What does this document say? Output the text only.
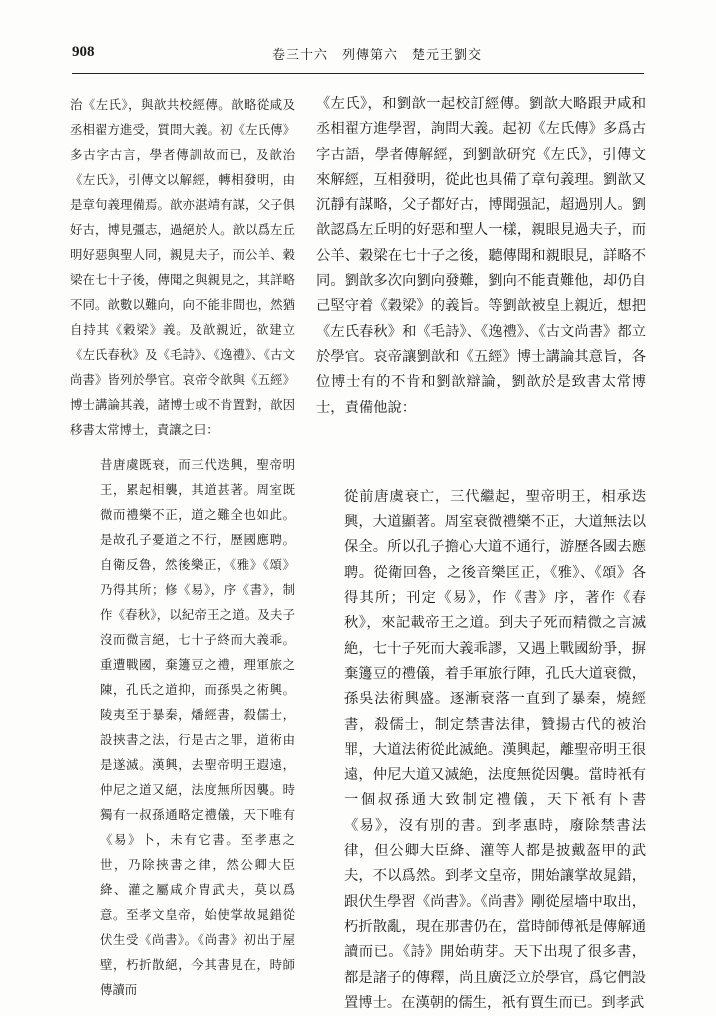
908	卷三十六　列傳第六　楚元王劉交

治《左氏》，與歆共校經傳。歆略從咸及丞相翟方進受，質問大義。初《左氏傳》多古字古言，學者傳訓故而已，及歆治《左氏》，引傳文以解經，轉相發明，由是章句義理備焉。歆亦湛靖有謀，父子俱好古，博見彊志，過絕於人。歆以爲左丘明好惡與聖人同，親見夫子，而公羊、穀梁在七十子後，傳聞之與親見之，其詳略不同。歆數以難向，向不能非間也，然猶自持其《穀梁》義。及歆親近，欲建立《左氏春秋》及《毛詩》、《逸禮》、《古文尚書》皆列於學官。哀帝令歆與《五經》博士講論其義，諸博士或不肯置對，歆因移書太常博士，責讓之曰：

昔唐虞既衰，而三代迭興，聖帝明王，累起相襲，其道甚著。周室既微而禮樂不正，道之難全也如此。是故孔子憂道之不行，歷國應聘。自衛反魯，然後樂正，《雅》《頌》乃得其所；修《易》，序《書》，制作《春秋》，以紀帝王之道。及夫子沒而微言絕，七十子終而大義乖。重遭戰國，棄籩豆之禮，理軍旅之陳，孔氏之道抑，而孫吳之術興。陵夷至于暴秦，燔經書，殺儒士，設挾書之法，行是古之罪，道術由是遂滅。漢興，去聖帝明王遐遠，仲尼之道又絕，法度無所因襲。時獨有一叔孫通略定禮儀，天下唯有《易》卜，未有它書。至孝惠之世，乃除挾書之律，然公卿大臣絳、灌之屬咸介冑武夫，莫以爲意。至孝文皇帝，始使掌故晁錯從伏生受《尚書》。《尚書》初出于屋壁，朽折散絕，今其書見在，時師傳讀而

《左氏》，和劉歆一起校訂經傳。劉歆大略跟尹咸和丞相翟方進學習，詢問大義。起初《左氏傳》多爲古字古語，學者傳解經，到劉歆研究《左氏》，引傳文來解經，互相發明，從此也具備了章句義理。劉歆又沉靜有謀略，父子都好古，博聞强記，超過別人。劉歆認爲左丘明的好惡和聖人一樣，親眼見過夫子，而公羊、穀梁在七十子之後，聽傳聞和親眼見，詳略不同。劉歆多次向劉向發難，劉向不能責難他，却仍自己堅守着《穀梁》的義旨。等劉歆被皇上親近，想把《左氏春秋》和《毛詩》、《逸禮》、《古文尚書》都立於學官。哀帝讓劉歆和《五經》博士講論其意旨，各位博士有的不肯和劉歆辯論，劉歆於是致書太常博士，責備他說：

從前唐虞衰亡，三代繼起，聖帝明王，相承迭興，大道顯著。周室衰微禮樂不正，大道無法以保全。所以孔子擔心大道不通行，游歷各國去應聘。從衛回魯，之後音樂匡正，《雅》、《頌》各得其所；刊定《易》，作《書》序，著作《春秋》，來記載帝王之道。到夫子死而精微之言滅絶，七十子死而大義乖謬，又遇上戰國紛爭，摒棄籩豆的禮儀，着手軍旅行陣，孔氏大道衰微，孫吳法術興盛。逐漸衰落一直到了暴秦，燒經書，殺儒士，制定禁書法律，贊揚古代的被治罪，大道法術從此滅絶。漢興起，離聖帝明王很遠，仲尼大道又滅絶，法度無從因襲。當時衹有一個叔孫通大致制定禮儀，天下衹有卜書《易》，沒有別的書。到孝惠時，廢除禁書法律，但公卿大臣絳、灌等人都是披戴盔甲的武夫，不以爲然。到孝文皇帝，開始讓掌故晁錯，跟伏生學習《尚書》。《尚書》剛從屋墻中取出，朽折散亂，現在那書仍在，當時師傅衹是傳解通讀而已。《詩》開始萌芽。天下出現了很多書，都是諸子的傳釋，尚且廣泛立於學官，爲它們設置博士。在漢朝的儒生，衹有賈生而已。到孝武
